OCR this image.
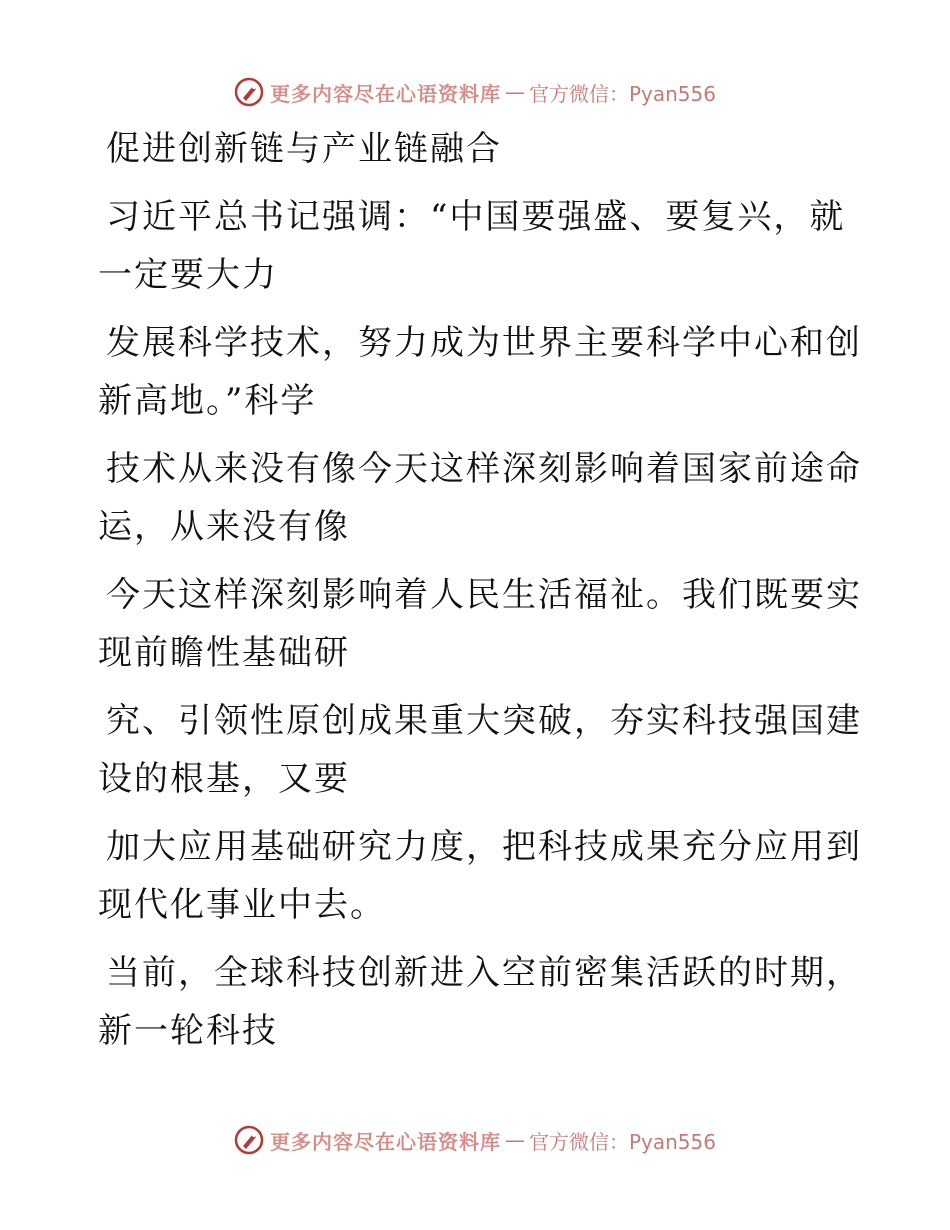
更多内容尽在心语资料库 — 官方微信：Pyan556
促进创新链与产业链融合
习近平总书记强调：“中国要强盛、要复兴，就
一定要大力
发展科学技术，努力成为世界主要科学中心和创
新高地。”科学
技术从来没有像今天这样深刻影响着国家前途命
运，从来没有像
今天这样深刻影响着人民生活福祉。我们既要实
现前瞻性基础研
究、引领性原创成果重大突破，夯实科技强国建
设的根基，又要
加大应用基础研究力度，把科技成果充分应用到
现代化事业中去。
当前，全球科技创新进入空前密集活跃的时期，
新一轮科技
更多内容尽在心语资料库 — 官方微信：Pyan556
